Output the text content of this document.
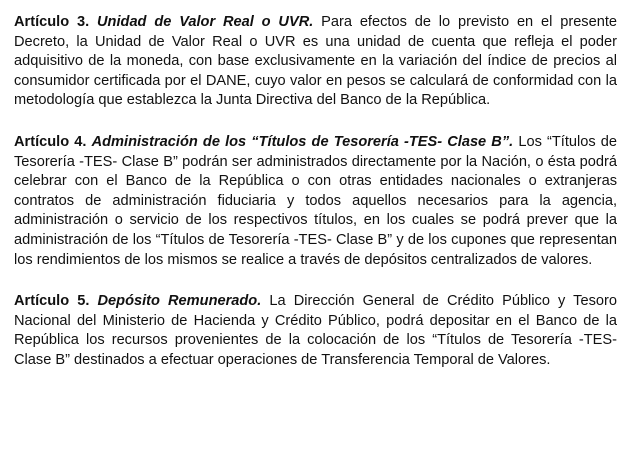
Artículo 3. Unidad de Valor Real o UVR. Para efectos de lo previsto en el presente Decreto, la Unidad de Valor Real o UVR es una unidad de cuenta que refleja el poder adquisitivo de la moneda, con base exclusivamente en la variación del índice de precios al consumidor certificada por el DANE, cuyo valor en pesos se calculará de conformidad con la metodología que establezca la Junta Directiva del Banco de la República.

Artículo 4. Administración de los “Títulos de Tesorería -TES- Clase B”. Los “Títulos de Tesorería -TES- Clase B” podrán ser administrados directamente por la Nación, o ésta podrá celebrar con el Banco de la República o con otras entidades nacionales o extranjeras contratos de administración fiduciaria y todos aquellos necesarios para la agencia, administración o servicio de los respectivos títulos, en los cuales se podrá prever que la administración de los “Títulos de Tesorería -TES- Clase B” y de los cupones que representan los rendimientos de los mismos se realice a través de depósitos centralizados de valores.

Artículo 5. Depósito Remunerado. La Dirección General de Crédito Público y Tesoro Nacional del Ministerio de Hacienda y Crédito Público, podrá depositar en el Banco de la República los recursos provenientes de la colocación de los “Títulos de Tesorería -TES- Clase B” destinados a efectuar operaciones de Transferencia Temporal de Valores.
